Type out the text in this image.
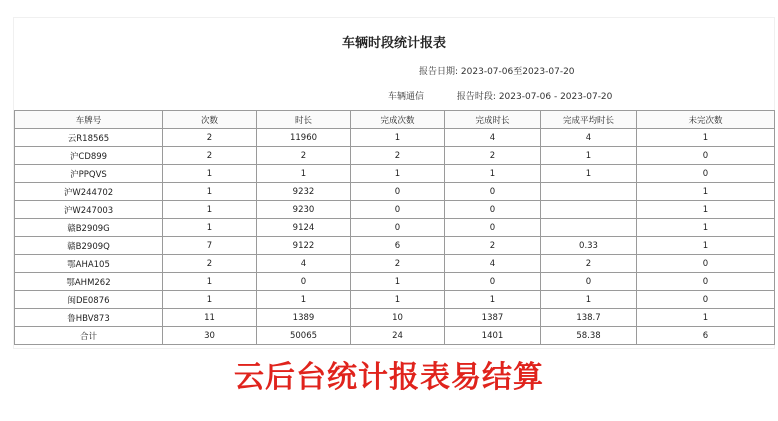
车辆时段统计报表
报告日期: 2023-07-06至2023-07-20
车辆通信	报告时段: 2023-07-06 - 2023-07-20
车牌号	次数	时长	完成次数	完成时长	完成平均时长	未完次数
云R18565	2	11960	1	4	4	1
沪CD899	2	2	2	2	1	0
沪PPQVS	1	1	1	1	1	0
沪W244702	1	9232	0	0		1
沪W247003	1	9230	0	0		1
赣B2909G	1	9124	0	0		1
赣B2909Q	7	9122	6	2	0.33	1
鄂AHA105	2	4	2	4	2	0
鄂AHM262	1	0	1	0	0	0
闽DE0876	1	1	1	1	1	0
鲁HBV873	11	1389	10	1387	138.7	1
合计	30	50065	24	1401	58.38	6
云后台统计报表易结算
